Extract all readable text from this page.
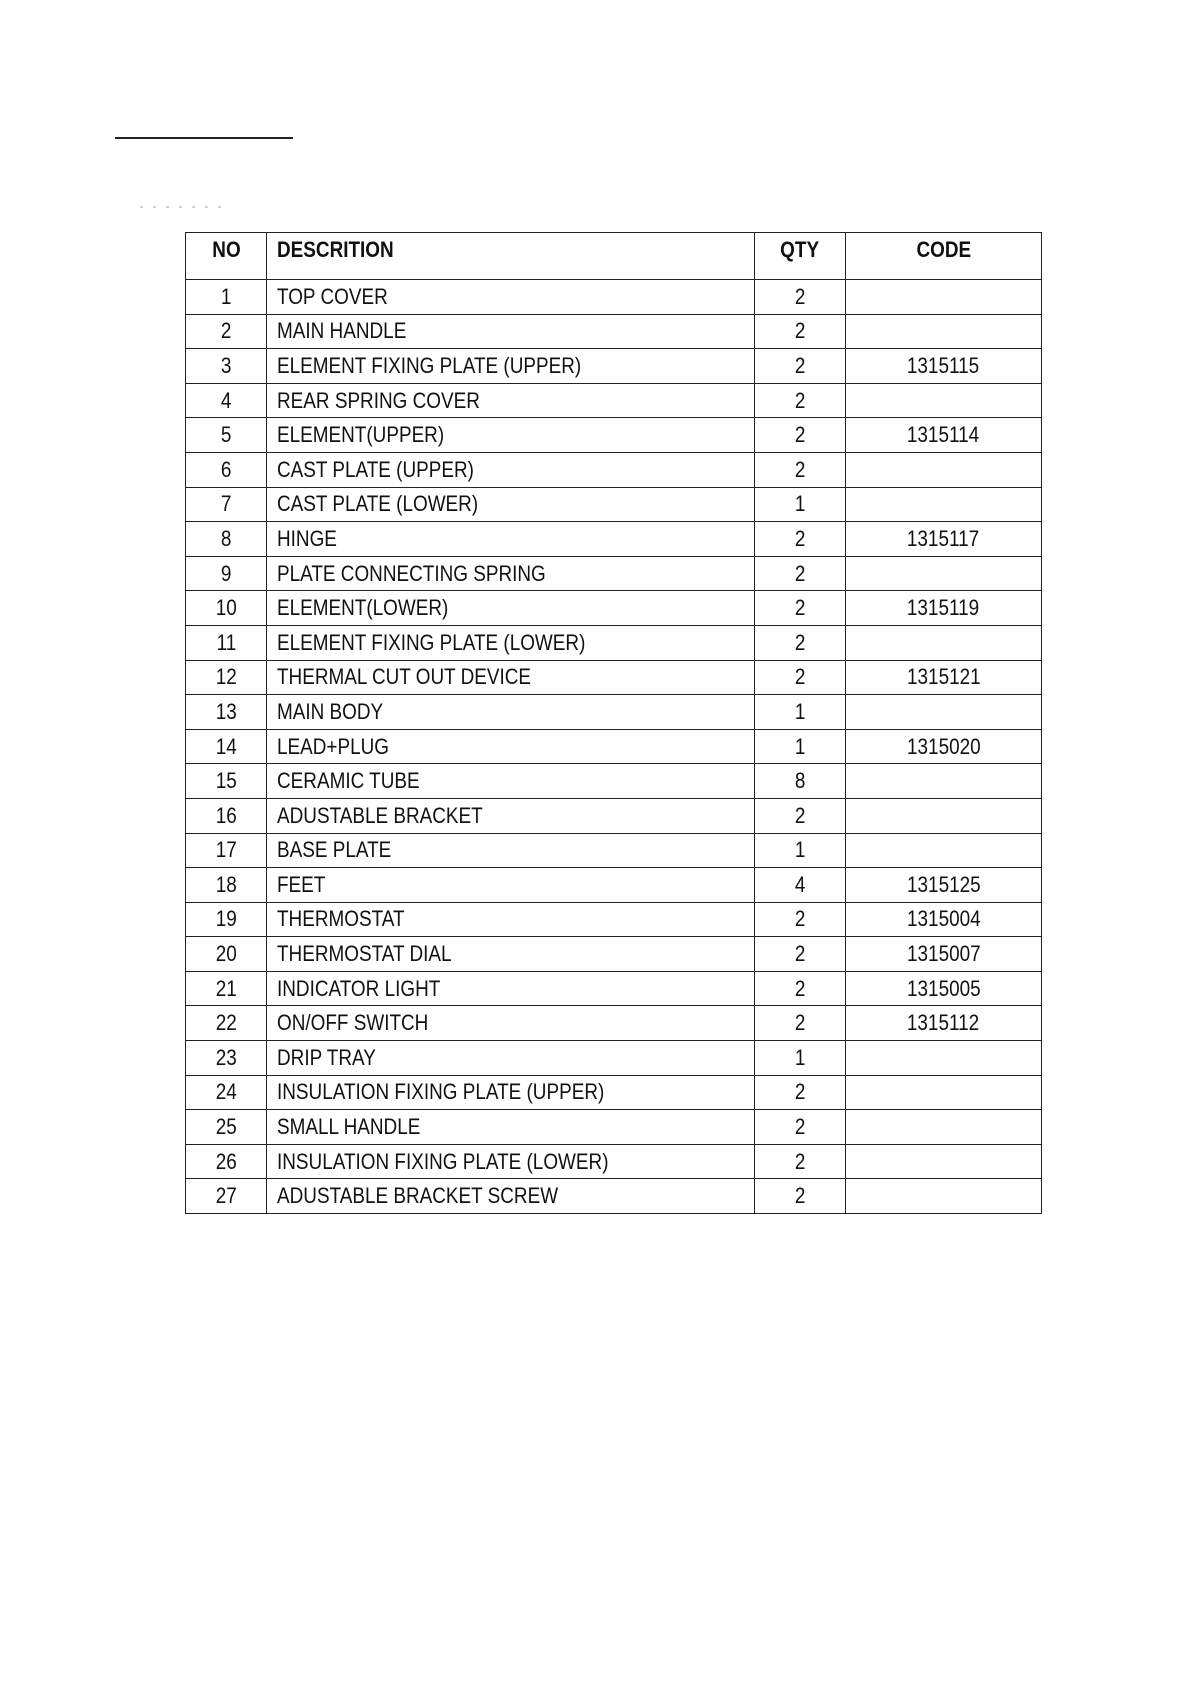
NO	DESCRITION	QTY	CODE
1	TOP COVER	2	
2	MAIN HANDLE	2	
3	ELEMENT FIXING PLATE (UPPER)	2	1315115
4	REAR SPRING COVER	2	
5	ELEMENT(UPPER)	2	1315114
6	CAST PLATE (UPPER)	2	
7	CAST PLATE (LOWER)	1	
8	HINGE	2	1315117
9	PLATE CONNECTING SPRING	2	
10	ELEMENT(LOWER)	2	1315119
11	ELEMENT FIXING PLATE (LOWER)	2	
12	THERMAL CUT OUT DEVICE	2	1315121
13	MAIN BODY	1	
14	LEAD+PLUG	1	1315020
15	CERAMIC TUBE	8	
16	ADUSTABLE BRACKET	2	
17	BASE PLATE	1	
18	FEET	4	1315125
19	THERMOSTAT	2	1315004
20	THERMOSTAT DIAL	2	1315007
21	INDICATOR LIGHT	2	1315005
22	ON/OFF SWITCH	2	1315112
23	DRIP TRAY	1	
24	INSULATION FIXING PLATE (UPPER)	2	
25	SMALL HANDLE	2	
26	INSULATION FIXING PLATE (LOWER)	2	
27	ADUSTABLE BRACKET SCREW	2	
